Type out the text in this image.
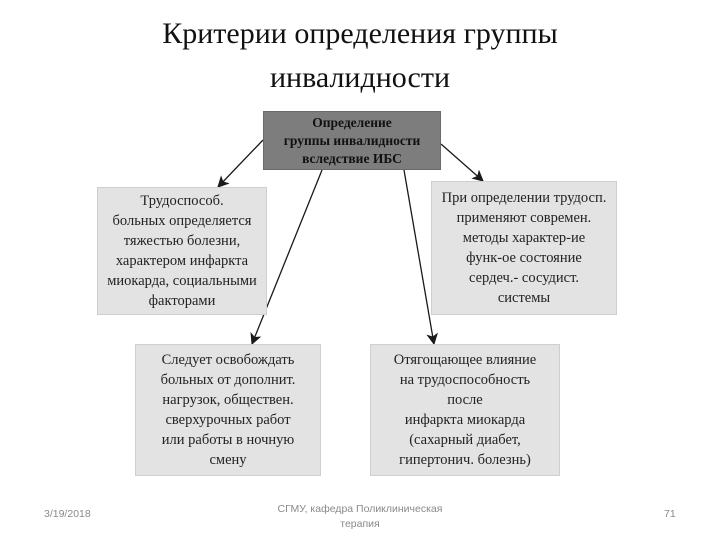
Критерии определения группы
инвалидности
Определение
группы инвалидности
вследствие ИБС
Трудоспособ.
больных определяется
тяжестью болезни,
характером инфаркта
миокарда, социальными
факторами
При определении трудосп.
применяют современ.
методы характер-ие
функ-ое состояние
сердеч.- сосудист.
системы
Следует освобождать
больных от дополнит.
нагрузок, общеcтвен.
сверхурочных работ
или работы в ночную
смену
Отягощающее влияние
на трудоспособность
после
инфаркта миокарда
(сахарный диабет,
гипертонич. болезнь)
3/19/2018	СГМУ, кафедра Поликлиническая
терапия
71
